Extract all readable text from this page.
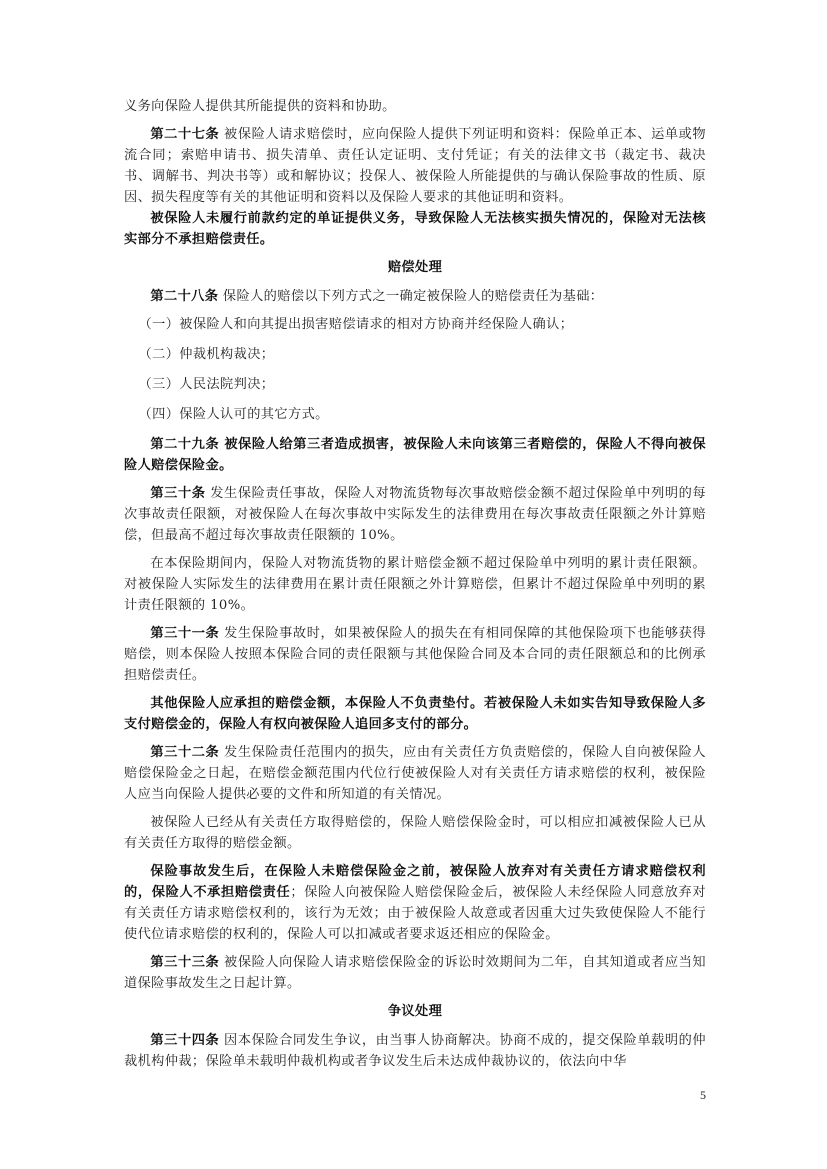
义务向保险人提供其所能提供的资料和协助。

第二十七条 被保险人请求赔偿时，应向保险人提供下列证明和资料：保险单正本、运单或物流合同；索赔申请书、损失清单、责任认定证明、支付凭证；有关的法律文书（裁定书、裁决书、调解书、判决书等）或和解协议；投保人、被保险人所能提供的与确认保险事故的性质、原因、损失程度等有关的其他证明和资料以及保险人要求的其他证明和资料。

被保险人未履行前款约定的单证提供义务，导致保险人无法核实损失情况的，保险对无法核实部分不承担赔偿责任。

赔偿处理

第二十八条 保险人的赔偿以下列方式之一确定被保险人的赔偿责任为基础：

（一）被保险人和向其提出损害赔偿请求的相对方协商并经保险人确认；

（二）仲裁机构裁决；

（三）人民法院判决；

（四）保险人认可的其它方式。

第二十九条 被保险人给第三者造成损害，被保险人未向该第三者赔偿的，保险人不得向被保险人赔偿保险金。

第三十条 发生保险责任事故，保险人对物流货物每次事故赔偿金额不超过保险单中列明的每次事故责任限额，对被保险人在每次事故中实际发生的法律费用在每次事故责任限额之外计算赔偿，但最高不超过每次事故责任限额的 10%。

在本保险期间内，保险人对物流货物的累计赔偿金额不超过保险单中列明的累计责任限额。对被保险人实际发生的法律费用在累计责任限额之外计算赔偿，但累计不超过保险单中列明的累计责任限额的 10%。

第三十一条 发生保险事故时，如果被保险人的损失在有相同保障的其他保险项下也能够获得赔偿，则本保险人按照本保险合同的责任限额与其他保险合同及本合同的责任限额总和的比例承担赔偿责任。

其他保险人应承担的赔偿金额，本保险人不负责垫付。若被保险人未如实告知导致保险人多支付赔偿金的，保险人有权向被保险人追回多支付的部分。

第三十二条 发生保险责任范围内的损失，应由有关责任方负责赔偿的，保险人自向被保险人赔偿保险金之日起，在赔偿金额范围内代位行使被保险人对有关责任方请求赔偿的权利，被保险人应当向保险人提供必要的文件和所知道的有关情况。

被保险人已经从有关责任方取得赔偿的，保险人赔偿保险金时，可以相应扣减被保险人已从有关责任方取得的赔偿金额。

保险事故发生后，在保险人未赔偿保险金之前，被保险人放弃对有关责任方请求赔偿权利的，保险人不承担赔偿责任；保险人向被保险人赔偿保险金后，被保险人未经保险人同意放弃对有关责任方请求赔偿权利的，该行为无效；由于被保险人故意或者因重大过失致使保险人不能行使代位请求赔偿的权利的，保险人可以扣减或者要求返还相应的保险金。

第三十三条 被保险人向保险人请求赔偿保险金的诉讼时效期间为二年，自其知道或者应当知道保险事故发生之日起计算。

争议处理

第三十四条 因本保险合同发生争议，由当事人协商解决。协商不成的，提交保险单载明的仲裁机构仲裁；保险单未载明仲裁机构或者争议发生后未达成仲裁协议的，依法向中华

5
